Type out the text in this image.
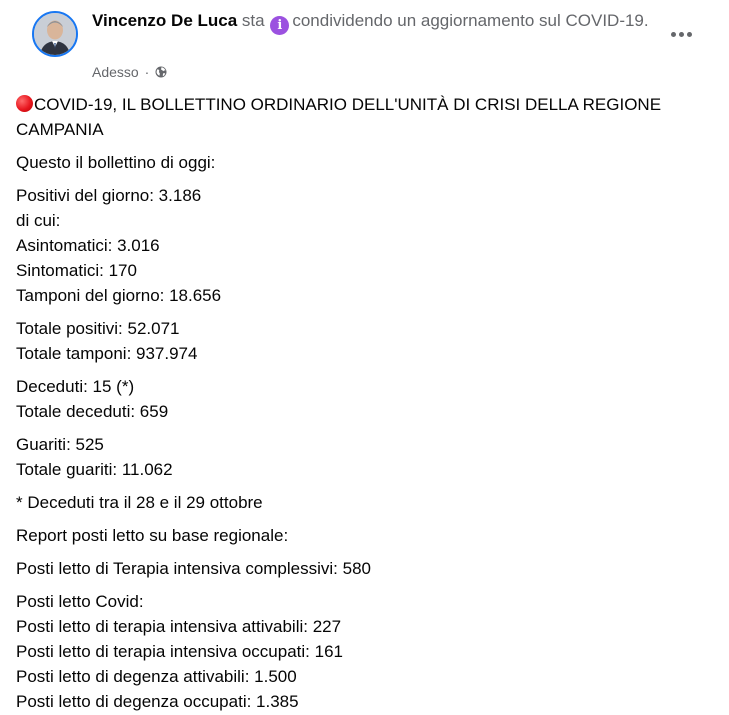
Vincenzo De Luca sta i condividendo un aggiornamento sul COVID-19.
Adesso ·
COVID-19, IL BOLLETTINO ORDINARIO DELL'UNITÀ DI CRISI DELLA REGIONE CAMPANIA
Questo il bollettino di oggi:
Positivi del giorno: 3.186
di cui:
Asintomatici: 3.016
Sintomatici: 170
Tamponi del giorno: 18.656
Totale positivi: 52.071
Totale tamponi: 937.974
Deceduti: 15 (*)
Totale deceduti: 659
Guariti: 525
Totale guariti: 11.062
* Deceduti tra il 28 e il 29 ottobre
Report posti letto su base regionale:
Posti letto di Terapia intensiva complessivi: 580
Posti letto Covid:
Posti letto di terapia intensiva attivabili: 227
Posti letto di terapia intensiva occupati: 161
Posti letto di degenza attivabili: 1.500
Posti letto di degenza occupati: 1.385
